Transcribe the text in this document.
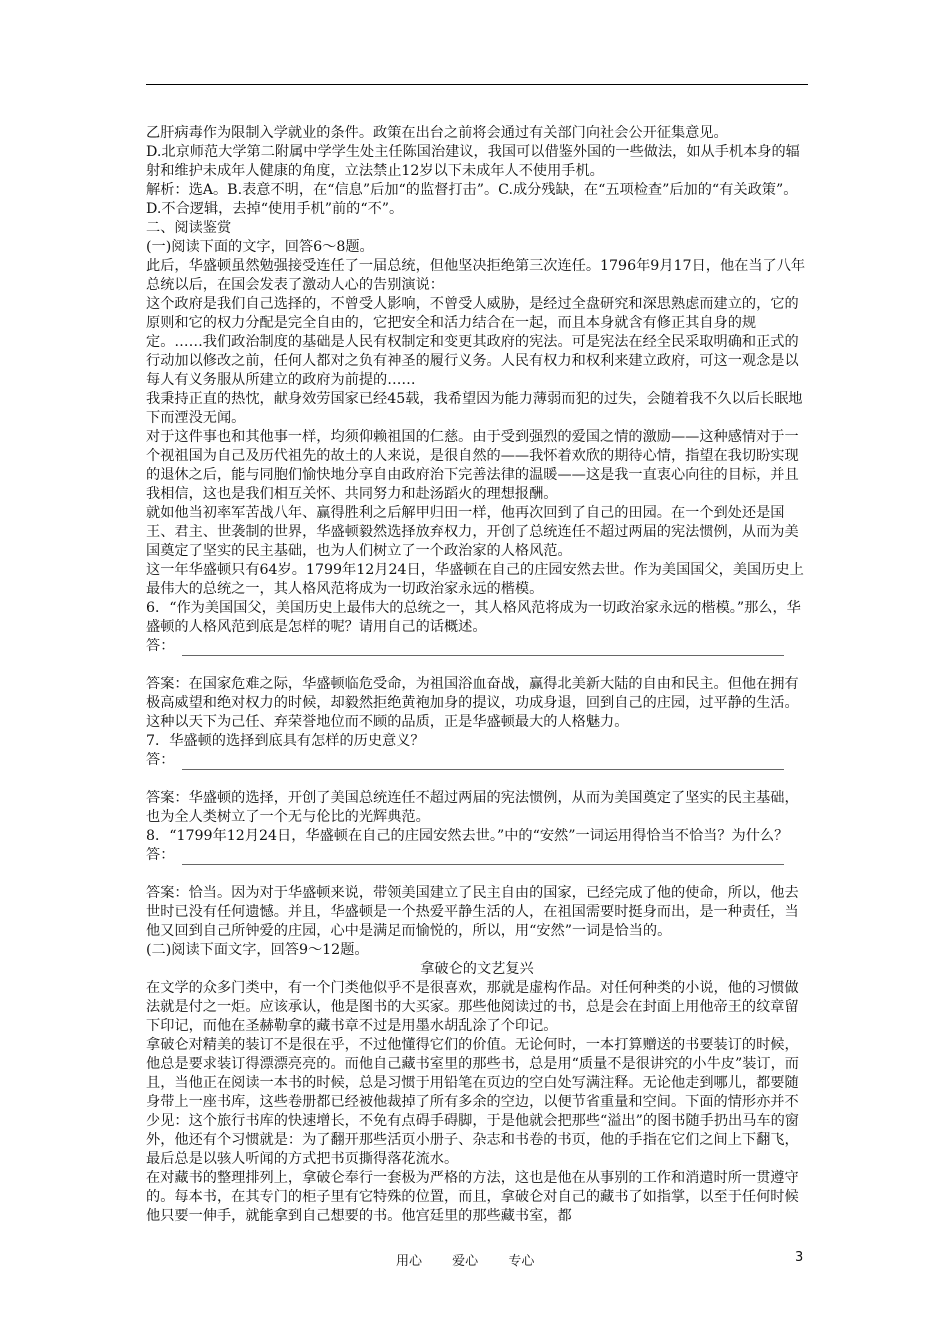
乙肝病毒作为限制入学就业的条件。政策在出台之前将会通过有关部门向社会公开征集意见。

D.北京师范大学第二附属中学学生处主任陈国治建议，我国可以借鉴外国的一些做法，如从手机本身的辐射和维护未成年人健康的角度，立法禁止12岁以下未成年人不使用手机。

解析：选A。B.表意不明，在“信息”后加“的监督打击”。C.成分残缺，在“五项检查”后加的“有关政策”。D.不合逻辑，去掉“使用手机”前的“不”。

二、阅读鉴赏

(一)阅读下面的文字，回答6～8题。

此后，华盛顿虽然勉强接受连任了一届总统，但他坚决拒绝第三次连任。1796年9月17日，他在当了八年总统以后，在国会发表了激动人心的告别演说：

这个政府是我们自己选择的，不曾受人影响，不曾受人威胁，是经过全盘研究和深思熟虑而建立的，它的原则和它的权力分配是完全自由的，它把安全和活力结合在一起，而且本身就含有修正其自身的规定。……我们政治制度的基础是人民有权制定和变更其政府的宪法。可是宪法在经全民采取明确和正式的行动加以修改之前，任何人都对之负有神圣的履行义务。人民有权力和权利来建立政府，可这一观念是以每人有义务服从所建立的政府为前提的……

我秉持正直的热忱，献身效劳国家已经45载，我希望因为能力薄弱而犯的过失，会随着我不久以后长眠地下而湮没无闻。

对于这件事也和其他事一样，均须仰赖祖国的仁慈。由于受到强烈的爱国之情的激励——这种感情对于一个视祖国为自己及历代祖先的故土的人来说，是很自然的——我怀着欢欣的期待心情，指望在我切盼实现的退休之后，能与同胞们愉快地分享自由政府治下完善法律的温暖——这是我一直衷心向往的目标，并且我相信，这也是我们相互关怀、共同努力和赴汤蹈火的理想报酬。

就如他当初率军苦战八年、赢得胜利之后解甲归田一样，他再次回到了自己的田园。在一个到处还是国王、君主、世袭制的世界，华盛顿毅然选择放弃权力，开创了总统连任不超过两届的宪法惯例，从而为美国奠定了坚实的民主基础，也为人们树立了一个政治家的人格风范。

这一年华盛顿只有64岁。1799年12月24日，华盛顿在自己的庄园安然去世。作为美国国父，美国历史上最伟大的总统之一，其人格风范将成为一切政治家永远的楷模。

6．“作为美国国父，美国历史上最伟大的总统之一，其人格风范将成为一切政治家永远的楷模。”那么，华盛顿的人格风范到底是怎样的呢？请用自己的话概述。

答：

答案：在国家危难之际，华盛顿临危受命，为祖国浴血奋战，赢得北美新大陆的自由和民主。但他在拥有极高威望和绝对权力的时候，却毅然拒绝黄袍加身的提议，功成身退，回到自己的庄园，过平静的生活。这种以天下为己任、弃荣誉地位而不顾的品质，正是华盛顿最大的人格魅力。

7．华盛顿的选择到底具有怎样的历史意义？

答：

答案：华盛顿的选择，开创了美国总统连任不超过两届的宪法惯例，从而为美国奠定了坚实的民主基础，也为全人类树立了一个无与伦比的光辉典范。

8．“1799年12月24日，华盛顿在自己的庄园安然去世。”中的“安然”一词运用得恰当不恰当？为什么？

答：

答案：恰当。因为对于华盛顿来说，带领美国建立了民主自由的国家，已经完成了他的使命，所以，他去世时已没有任何遗憾。并且，华盛顿是一个热爱平静生活的人，在祖国需要时挺身而出，是一种责任，当他又回到自己所钟爱的庄园，心中是满足而愉悦的，所以，用“安然”一词是恰当的。

(二)阅读下面文字，回答9～12题。

拿破仑的文艺复兴

在文学的众多门类中，有一个门类他似乎不是很喜欢，那就是虚构作品。对任何种类的小说，他的习惯做法就是付之一炬。应该承认，他是图书的大买家。那些他阅读过的书，总是会在封面上用他帝王的纹章留下印记，而他在圣赫勒拿的藏书章不过是用墨水胡乱涂了个印记。

拿破仑对精美的装订不是很在乎，不过他懂得它们的价值。无论何时，一本打算赠送的书要装订的时候，他总是要求装订得漂漂亮亮的。而他自己藏书室里的那些书，总是用“质量不是很讲究的小牛皮”装订，而且，当他正在阅读一本书的时候，总是习惯于用铅笔在页边的空白处写满注释。无论他走到哪儿，都要随身带上一座书库，这些卷册都已经被他裁掉了所有多余的空边，以便节省重量和空间。下面的情形亦并不少见：这个旅行书库的快速增长，不免有点碍手碍脚，于是他就会把那些“溢出”的图书随手扔出马车的窗外，他还有个习惯就是：为了翻开那些活页小册子、杂志和书卷的书页，他的手指在它们之间上下翻飞，最后总是以骇人听闻的方式把书页撕得落花流水。

在对藏书的整理排列上，拿破仑奉行一套极为严格的方法，这也是他在从事别的工作和消遣时所一贯遵守的。每本书，在其专门的柜子里有它特殊的位置，而且，拿破仑对自己的藏书了如指掌，以至于任何时候他只要一伸手，就能拿到自己想要的书。他宫廷里的那些藏书室，都

用心 爱心 专心	3
